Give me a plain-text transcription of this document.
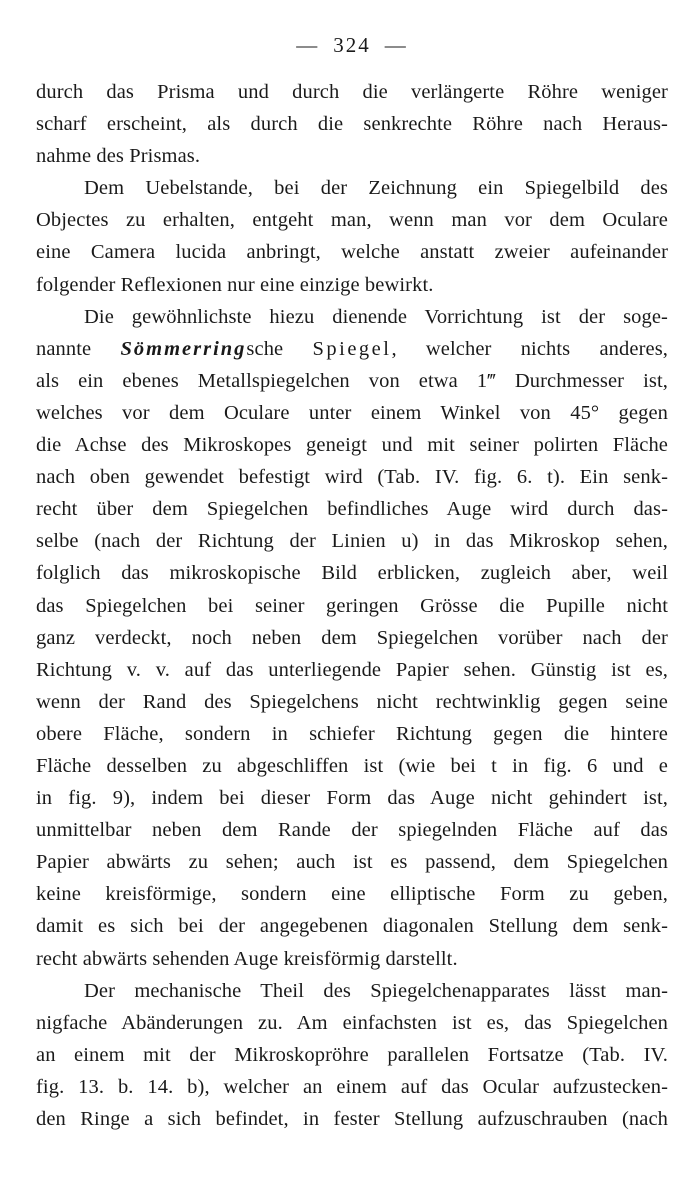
— 324 —

durch das Prisma und durch die verlängerte Röhre weniger
scharf erscheint, als durch die senkrechte Röhre nach Heraus-
nahme des Prismas.

Dem Uebelstande, bei der Zeichnung ein Spiegelbild des
Objectes zu erhalten, entgeht man, wenn man vor dem Oculare
eine Camera lucida anbringt, welche anstatt zweier aufeinander
folgender Reflexionen nur eine einzige bewirkt.

Die gewöhnlichste hiezu dienende Vorrichtung ist der soge-
nannte Sömmerringsche Spiegel, welcher nichts anderes,
als ein ebenes Metallspiegelchen von etwa 1‴ Durchmesser ist,
welches vor dem Oculare unter einem Winkel von 45° gegen
die Achse des Mikroskopes geneigt und mit seiner polirten Fläche
nach oben gewendet befestigt wird (Tab. IV. fig. 6. t). Ein senk-
recht über dem Spiegelchen befindliches Auge wird durch das-
selbe (nach der Richtung der Linien u) in das Mikroskop sehen,
folglich das mikroskopische Bild erblicken, zugleich aber, weil
das Spiegelchen bei seiner geringen Grösse die Pupille nicht
ganz verdeckt, noch neben dem Spiegelchen vorüber nach der
Richtung v. v. auf das unterliegende Papier sehen. Günstig ist es,
wenn der Rand des Spiegelchens nicht rechtwinklig gegen seine
obere Fläche, sondern in schiefer Richtung gegen die hintere
Fläche desselben zu abgeschliffen ist (wie bei t in fig. 6 und e
in fig. 9), indem bei dieser Form das Auge nicht gehindert ist,
unmittelbar neben dem Rande der spiegelnden Fläche auf das
Papier abwärts zu sehen; auch ist es passend, dem Spiegelchen
keine kreisförmige, sondern eine elliptische Form zu geben,
damit es sich bei der angegebenen diagonalen Stellung dem senk-
recht abwärts sehenden Auge kreisförmig darstellt.

Der mechanische Theil des Spiegelchenapparates lässt man-
nigfache Abänderungen zu. Am einfachsten ist es, das Spiegelchen
an einem mit der Mikroskopröhre parallelen Fortsatze (Tab. IV.
fig. 13. b. 14. b), welcher an einem auf das Ocular aufzustecken-
den Ringe a sich befindet, in fester Stellung aufzuschrauben (nach
